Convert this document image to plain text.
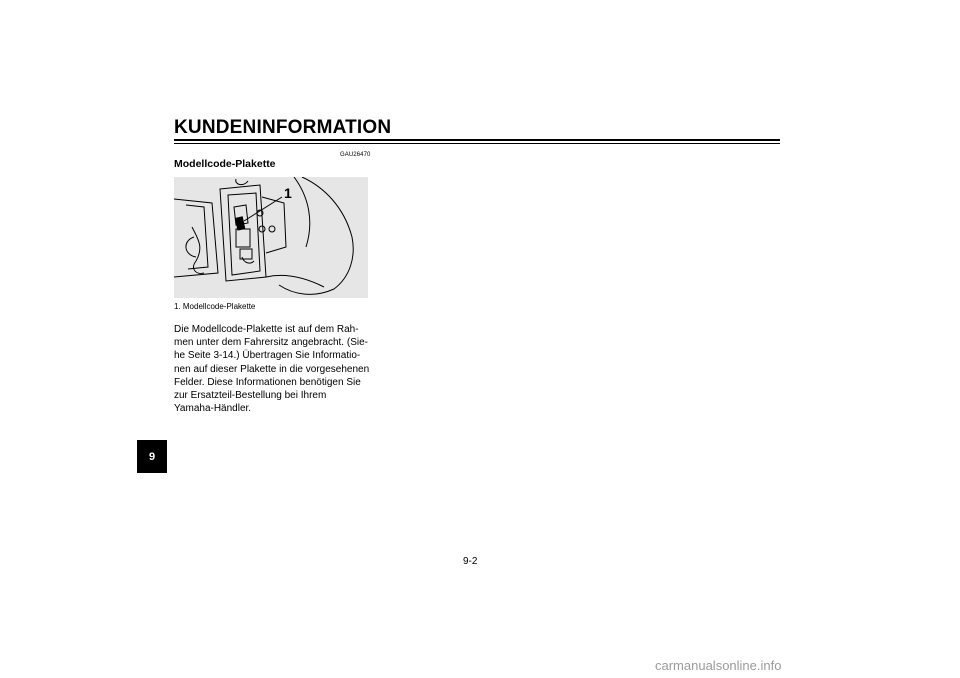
KUNDENINFORMATION
GAU26470
Modellcode-Plakette
1
1. Modellcode-Plakette

Die Modellcode-Plakette ist auf dem Rah-
men unter dem Fahrersitz angebracht. (Sie-
he Seite 3-14.) Übertragen Sie Informatio-
nen auf dieser Plakette in die vorgesehenen
Felder. Diese Informationen benötigen Sie
zur Ersatzteil-Bestellung bei Ihrem
Yamaha-Händler.

9
9-2
carmanualsonline.info
